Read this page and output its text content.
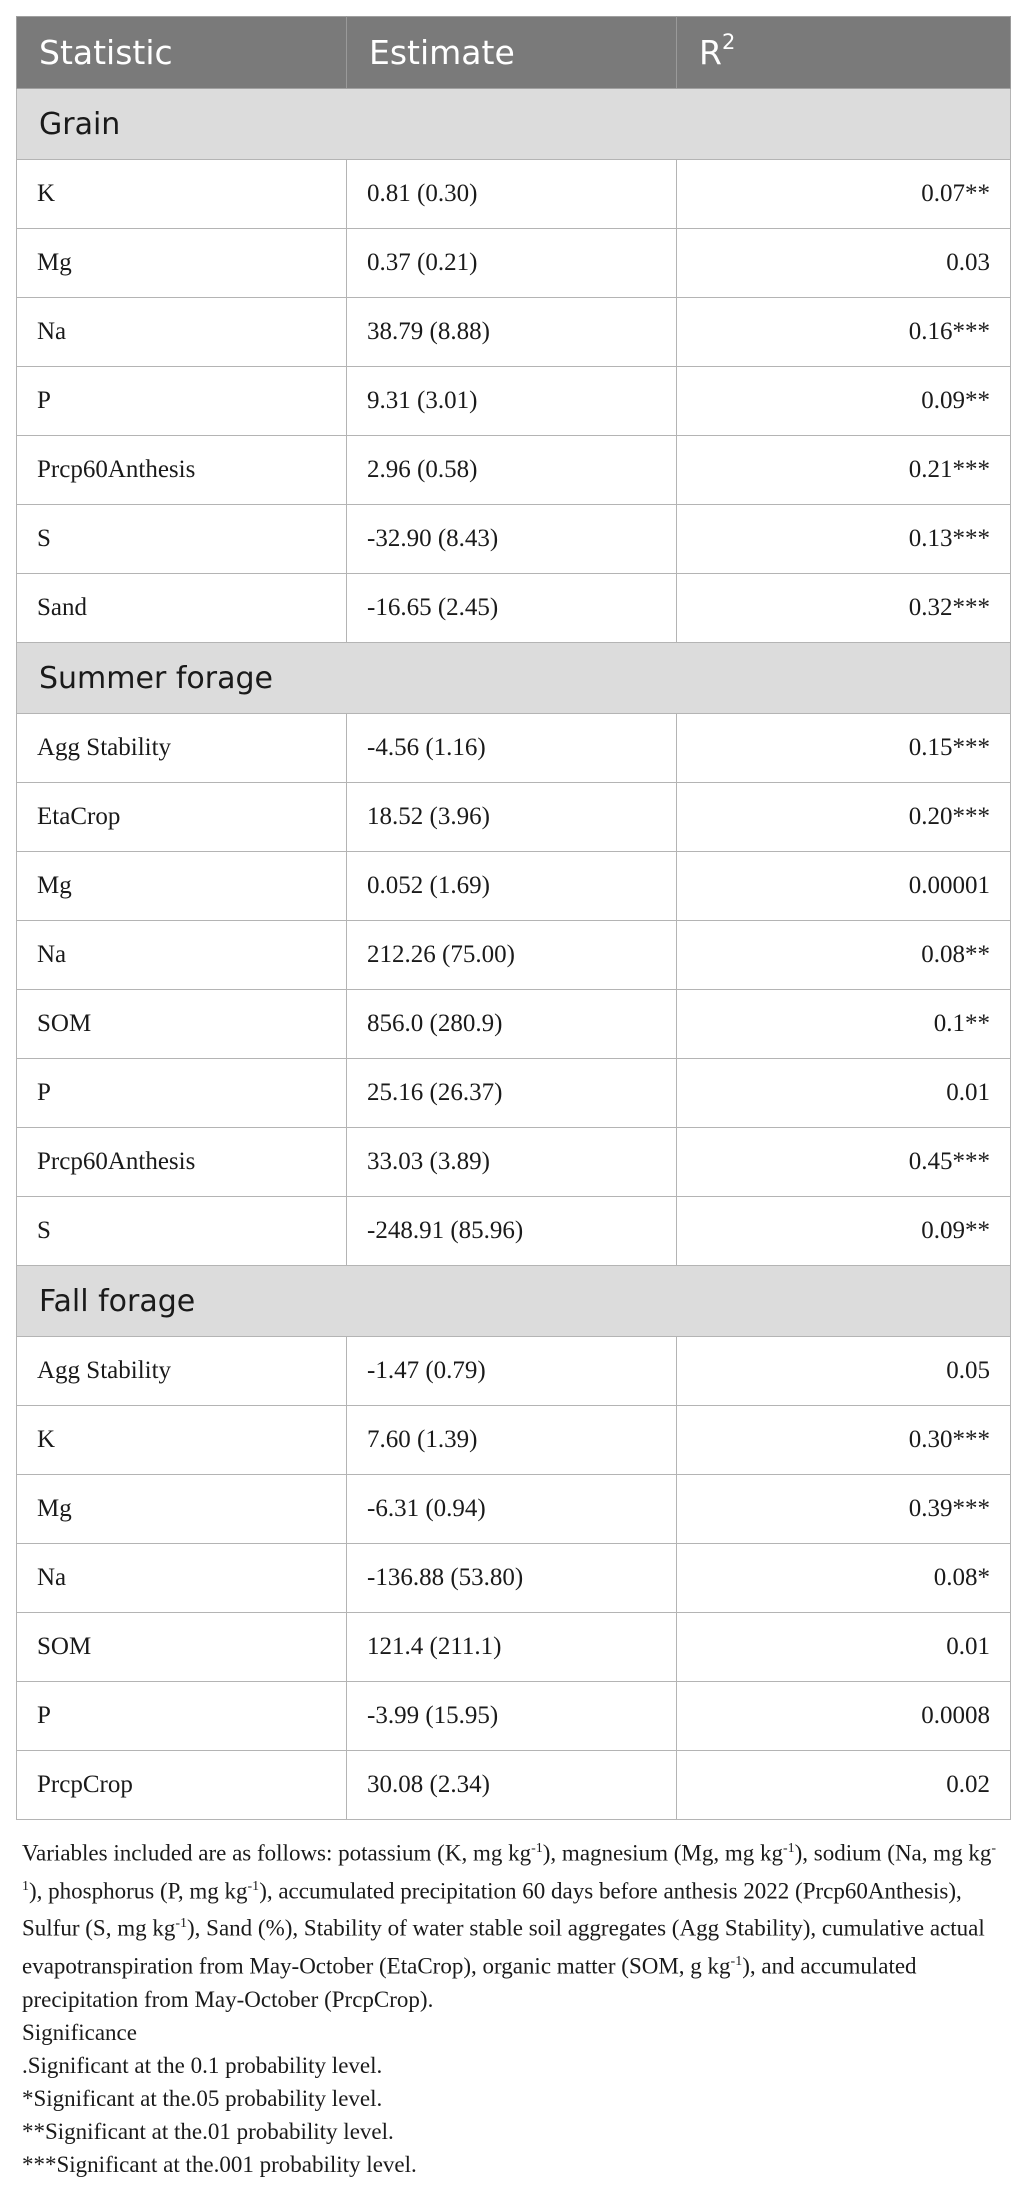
Statistic	Estimate	$R^2$
Grain		
K	0.81 (0.30)	0.07**
Mg	0.37 (0.21)	0.03
Na	38.79 (8.88)	0.16***
P	9.31 (3.01)	0.09**
Prcp60Anthesis	2.96 (0.58)	0.21***
S	-32.90 (8.43)	0.13***
Sand	-16.65 (2.45)	0.32***
Summer forage		
Agg Stability	-4.56 (1.16)	0.15***
EtaCrop	18.52 (3.96)	0.20***
Mg	0.052 (1.69)	0.00001
Na	212.26 (75.00)	0.08**
SOM	856.0 (280.9)	0.1**
P	25.16 (26.37)	0.01
Prcp60Anthesis	33.03 (3.89)	0.45***
S	-248.91 (85.96)	0.09**
Fall forage		
Agg Stability	-1.47 (0.79)	0.05
K	7.60 (1.39)	0.30***
Mg	-6.31 (0.94)	0.39***
Na	-136.88 (53.80)	0.08*
SOM	121.4 (211.1)	0.01
P	-3.99 (15.95)	0.0008
PrcpCrop	30.08 (2.34)	0.02

Variables included are as follows: potassium (K, mg $kg^{-1}$), magnesium (Mg, mg $kg^{-1}$), sodium (Na, mg $kg^{-1}$), phosphorus (P, mg $kg^{-1}$), accumulated precipitation 60 days before anthesis 2022 (Prcp60Anthesis), Sulfur (S, mg $kg^{-1}$), Sand (%), Stability of water stable soil aggregates (Agg Stability), cumulative actual evapotranspiration from May-October (EtaCrop), organic matter (SOM, g $kg^{-1}$), and accumulated precipitation from May-October (PrcpCrop).

Significance

.Significant at the 0.1 probability level.

*Significant at the.05 probability level.

**Significant at the.01 probability level.

***Significant at the.001 probability level.
